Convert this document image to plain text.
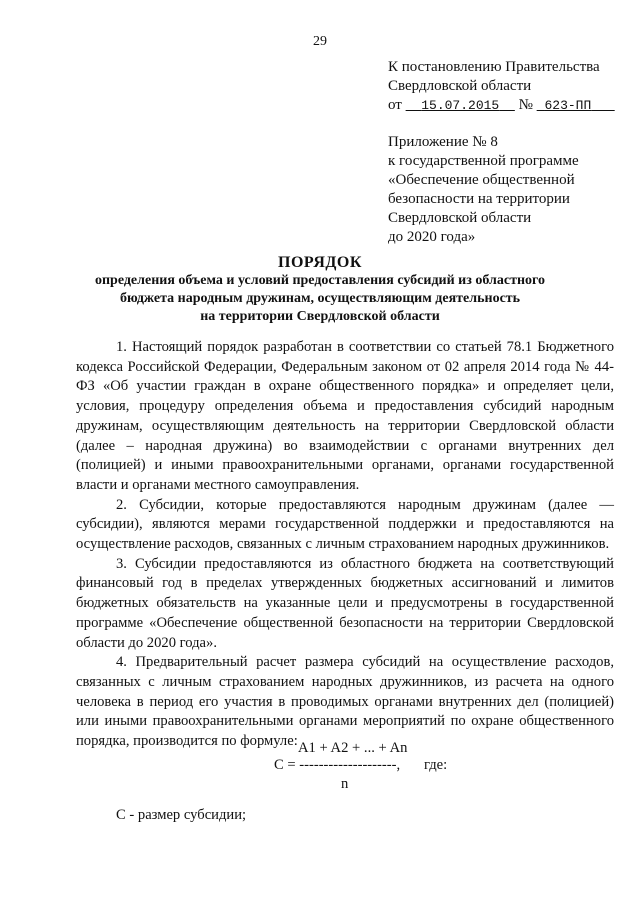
29
К постановлению Правительства
Свердловской области
от 15.07.2015 № 623-ПП
Приложение № 8
к государственной программе
«Обеспечение общественной
безопасности на территории
Свердловской области
до 2020 года»
ПОРЯДОК
определения объема и условий предоставления субсидий из областного
бюджета народным дружинам, осуществляющим деятельность
на территории Свердловской области

1. Настоящий порядок разработан в соответствии со статьей 78.1 Бюджетного кодекса Российской Федерации, Федеральным законом от 02 апреля 2014 года № 44-ФЗ «Об участии граждан в охране общественного порядка» и определяет цели, условия, процедуру определения объема и предоставления субсидий народным дружинам, осуществляющим деятельность на территории Свердловской области (далее – народная дружина) во взаимодействии с органами внутренних дел (полицией) и иными правоохранительными органами, органами государственной власти и органами местного самоуправления.

2. Субсидии, которые предоставляются народным дружинам (далее — субсидии), являются мерами государственной поддержки и предоставляются на осуществление расходов, связанных с личным страхованием народных дружинников.

3. Субсидии предоставляются из областного бюджета на соответствующий финансовый год в пределах утвержденных бюджетных ассигнований и лимитов бюджетных обязательств на указанные цели и предусмотрены в государственной программе «Обеспечение общественной безопасности на территории Свердловской области до 2020 года».

4. Предварительный расчет размера субсидий на осуществление расходов, связанных с личным страхованием народных дружинников, из расчета на одного человека в период его участия в проводимых органами внутренних дел (полицией) или иными правоохранительными органами мероприятий по охране общественного порядка, производится по формуле: A1 + A2 + ... + An
C = --------------------, где:
n
C - размер субсидии;
